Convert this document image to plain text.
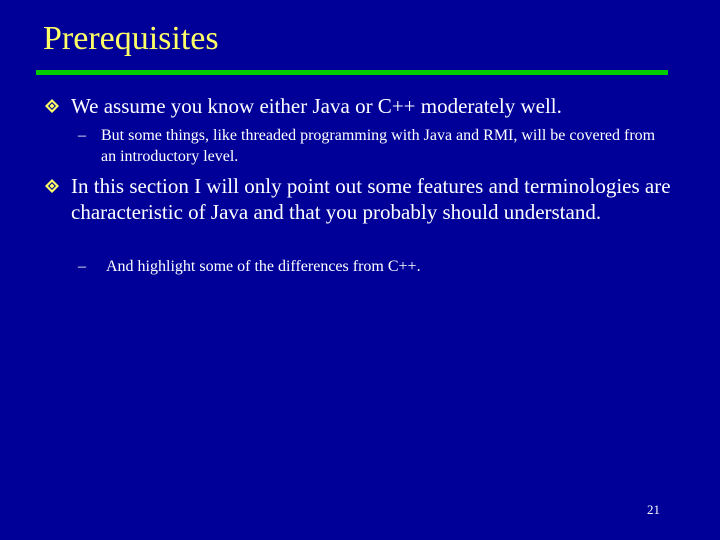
Prerequisites
We assume you know either Java or C++ moderately well.
– But some things, like threaded programming with Java and RMI, will be covered from an introductory level.
In this section I will only point out some features and terminologies are characteristic of Java and that you probably should understand.
– And highlight some of the differences from C++.
21
